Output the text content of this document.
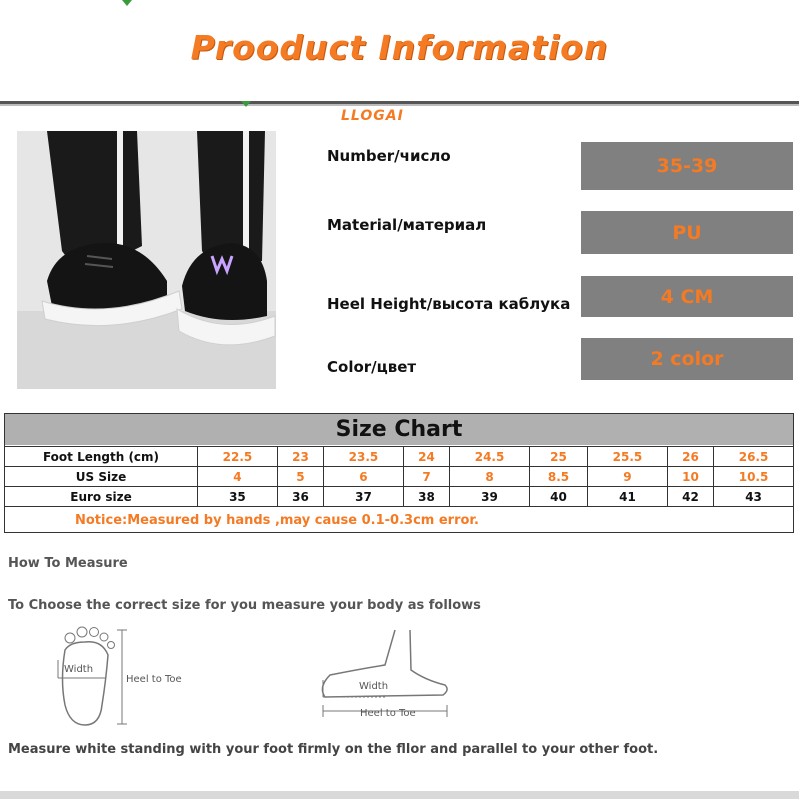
Prooduct Information
LLOGAI
Number/число	35-39
Material/материал	PU
Heel Height/высота каблука	4 CM
Color/цвет	2 color
Size Chart
Foot Length (cm)	22.5	23	23.5	24	24.5	25	25.5	26	26.5
US Size	4	5	6	7	8	8.5	9	10	10.5
Euro size	35	36	37	38	39	40	41	42	43
Notice:Measured by hands ,may cause 0.1-0.3cm error.
How To Measure
To Choose the correct size for you measure your body as follows
Width
Heel to Toe
Width
Heel to Toe
Measure white standing with your foot firmly on the fllor and parallel to your other foot.
